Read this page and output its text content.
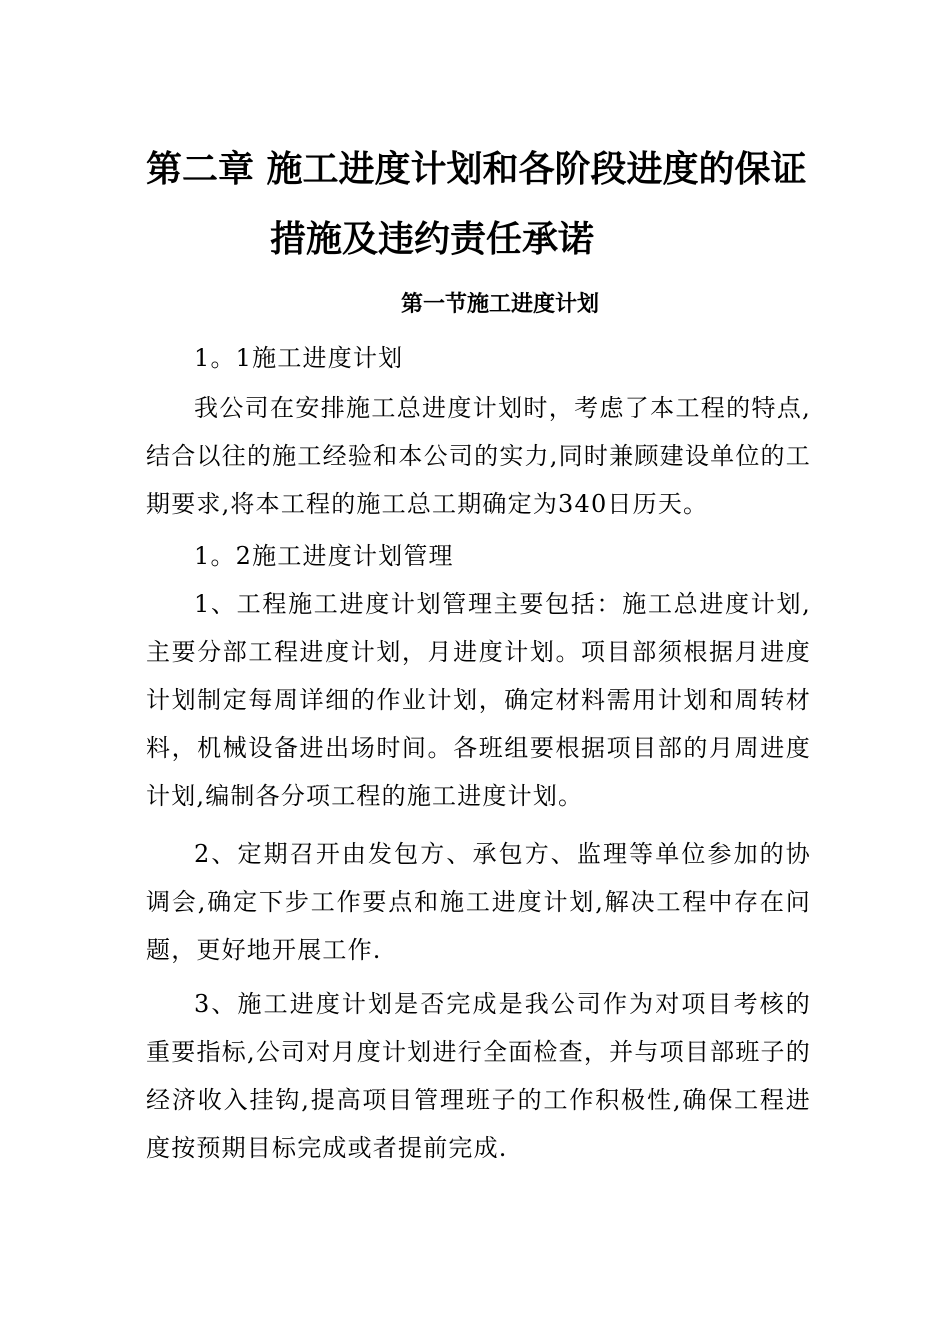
第二章 施工进度计划和各阶段进度的保证
措施及违约责任承诺
第一节施工进度计划

1。1施工进度计划

我公司在安排施工总进度计划时，考虑了本工程的特点,结合以往的施工经验和本公司的实力,同时兼顾建设单位的工期要求,将本工程的施工总工期确定为340日历天。

1。2施工进度计划管理

1、工程施工进度计划管理主要包括：施工总进度计划,主要分部工程进度计划，月进度计划。项目部须根据月进度计划制定每周详细的作业计划，确定材料需用计划和周转材料，机械设备进出场时间。各班组要根据项目部的月周进度计划,编制各分项工程的施工进度计划。

2、定期召开由发包方、承包方、监理等单位参加的协调会,确定下步工作要点和施工进度计划,解决工程中存在问题，更好地开展工作.

3、施工进度计划是否完成是我公司作为对项目考核的重要指标,公司对月度计划进行全面检查，并与项目部班子的经济收入挂钩,提高项目管理班子的工作积极性,确保工程进度按预期目标完成或者提前完成.
